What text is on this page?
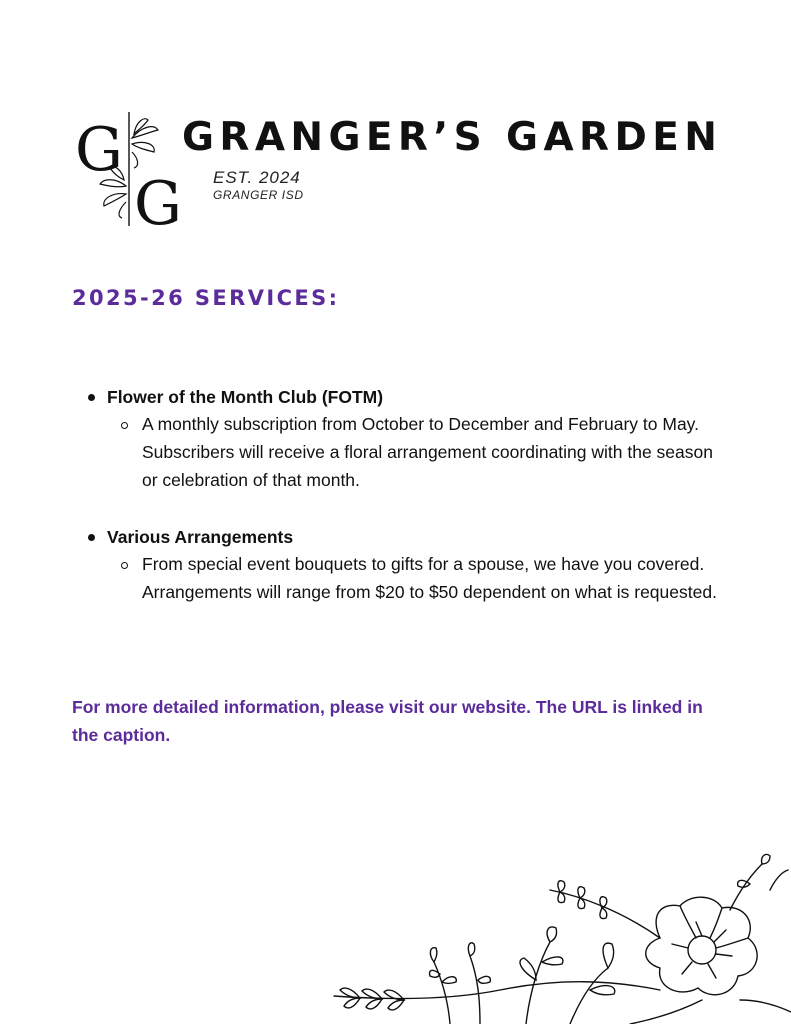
G
G
GRANGER’S GARDEN
EST. 2024
GRANGER ISD
2025-26 SERVICES:
Flower of the Month Club (FOTM)

A monthly subscription from October to December and February to May. Subscribers will receive a floral arrangement coordinating with the season or celebration of that month.

Various Arrangements

From special event bouquets to gifts for a spouse, we have you covered. Arrangements will range from $20 to $50 dependent on what is requested.

For more detailed information, please visit our website. The URL is linked in the caption.
